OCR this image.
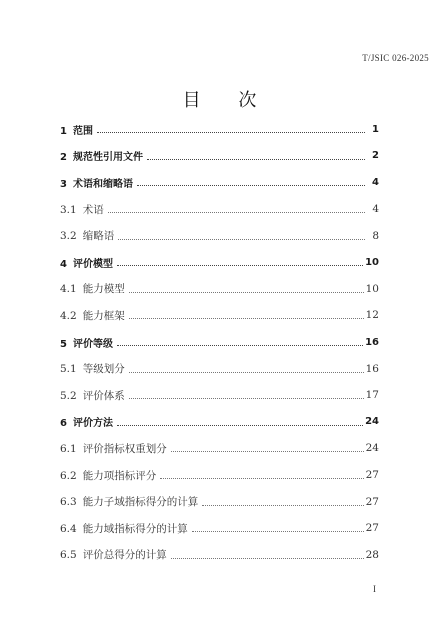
T/JSIC 026-2025
目 次
1 范围	1
2 规范性引用文件	2
3 术语和缩略语	4
3.1 术语	4
3.2 缩略语	8
4 评价模型	10
4.1 能力模型	10
4.2 能力框架	12
5 评价等级	16
5.1 等级划分	16
5.2 评价体系	17
6 评价方法	24
6.1 评价指标权重划分	24
6.2 能力项指标评分	27
6.3 能力子域指标得分的计算	27
6.4 能力域指标得分的计算	27
6.5 评价总得分的计算	28
I
